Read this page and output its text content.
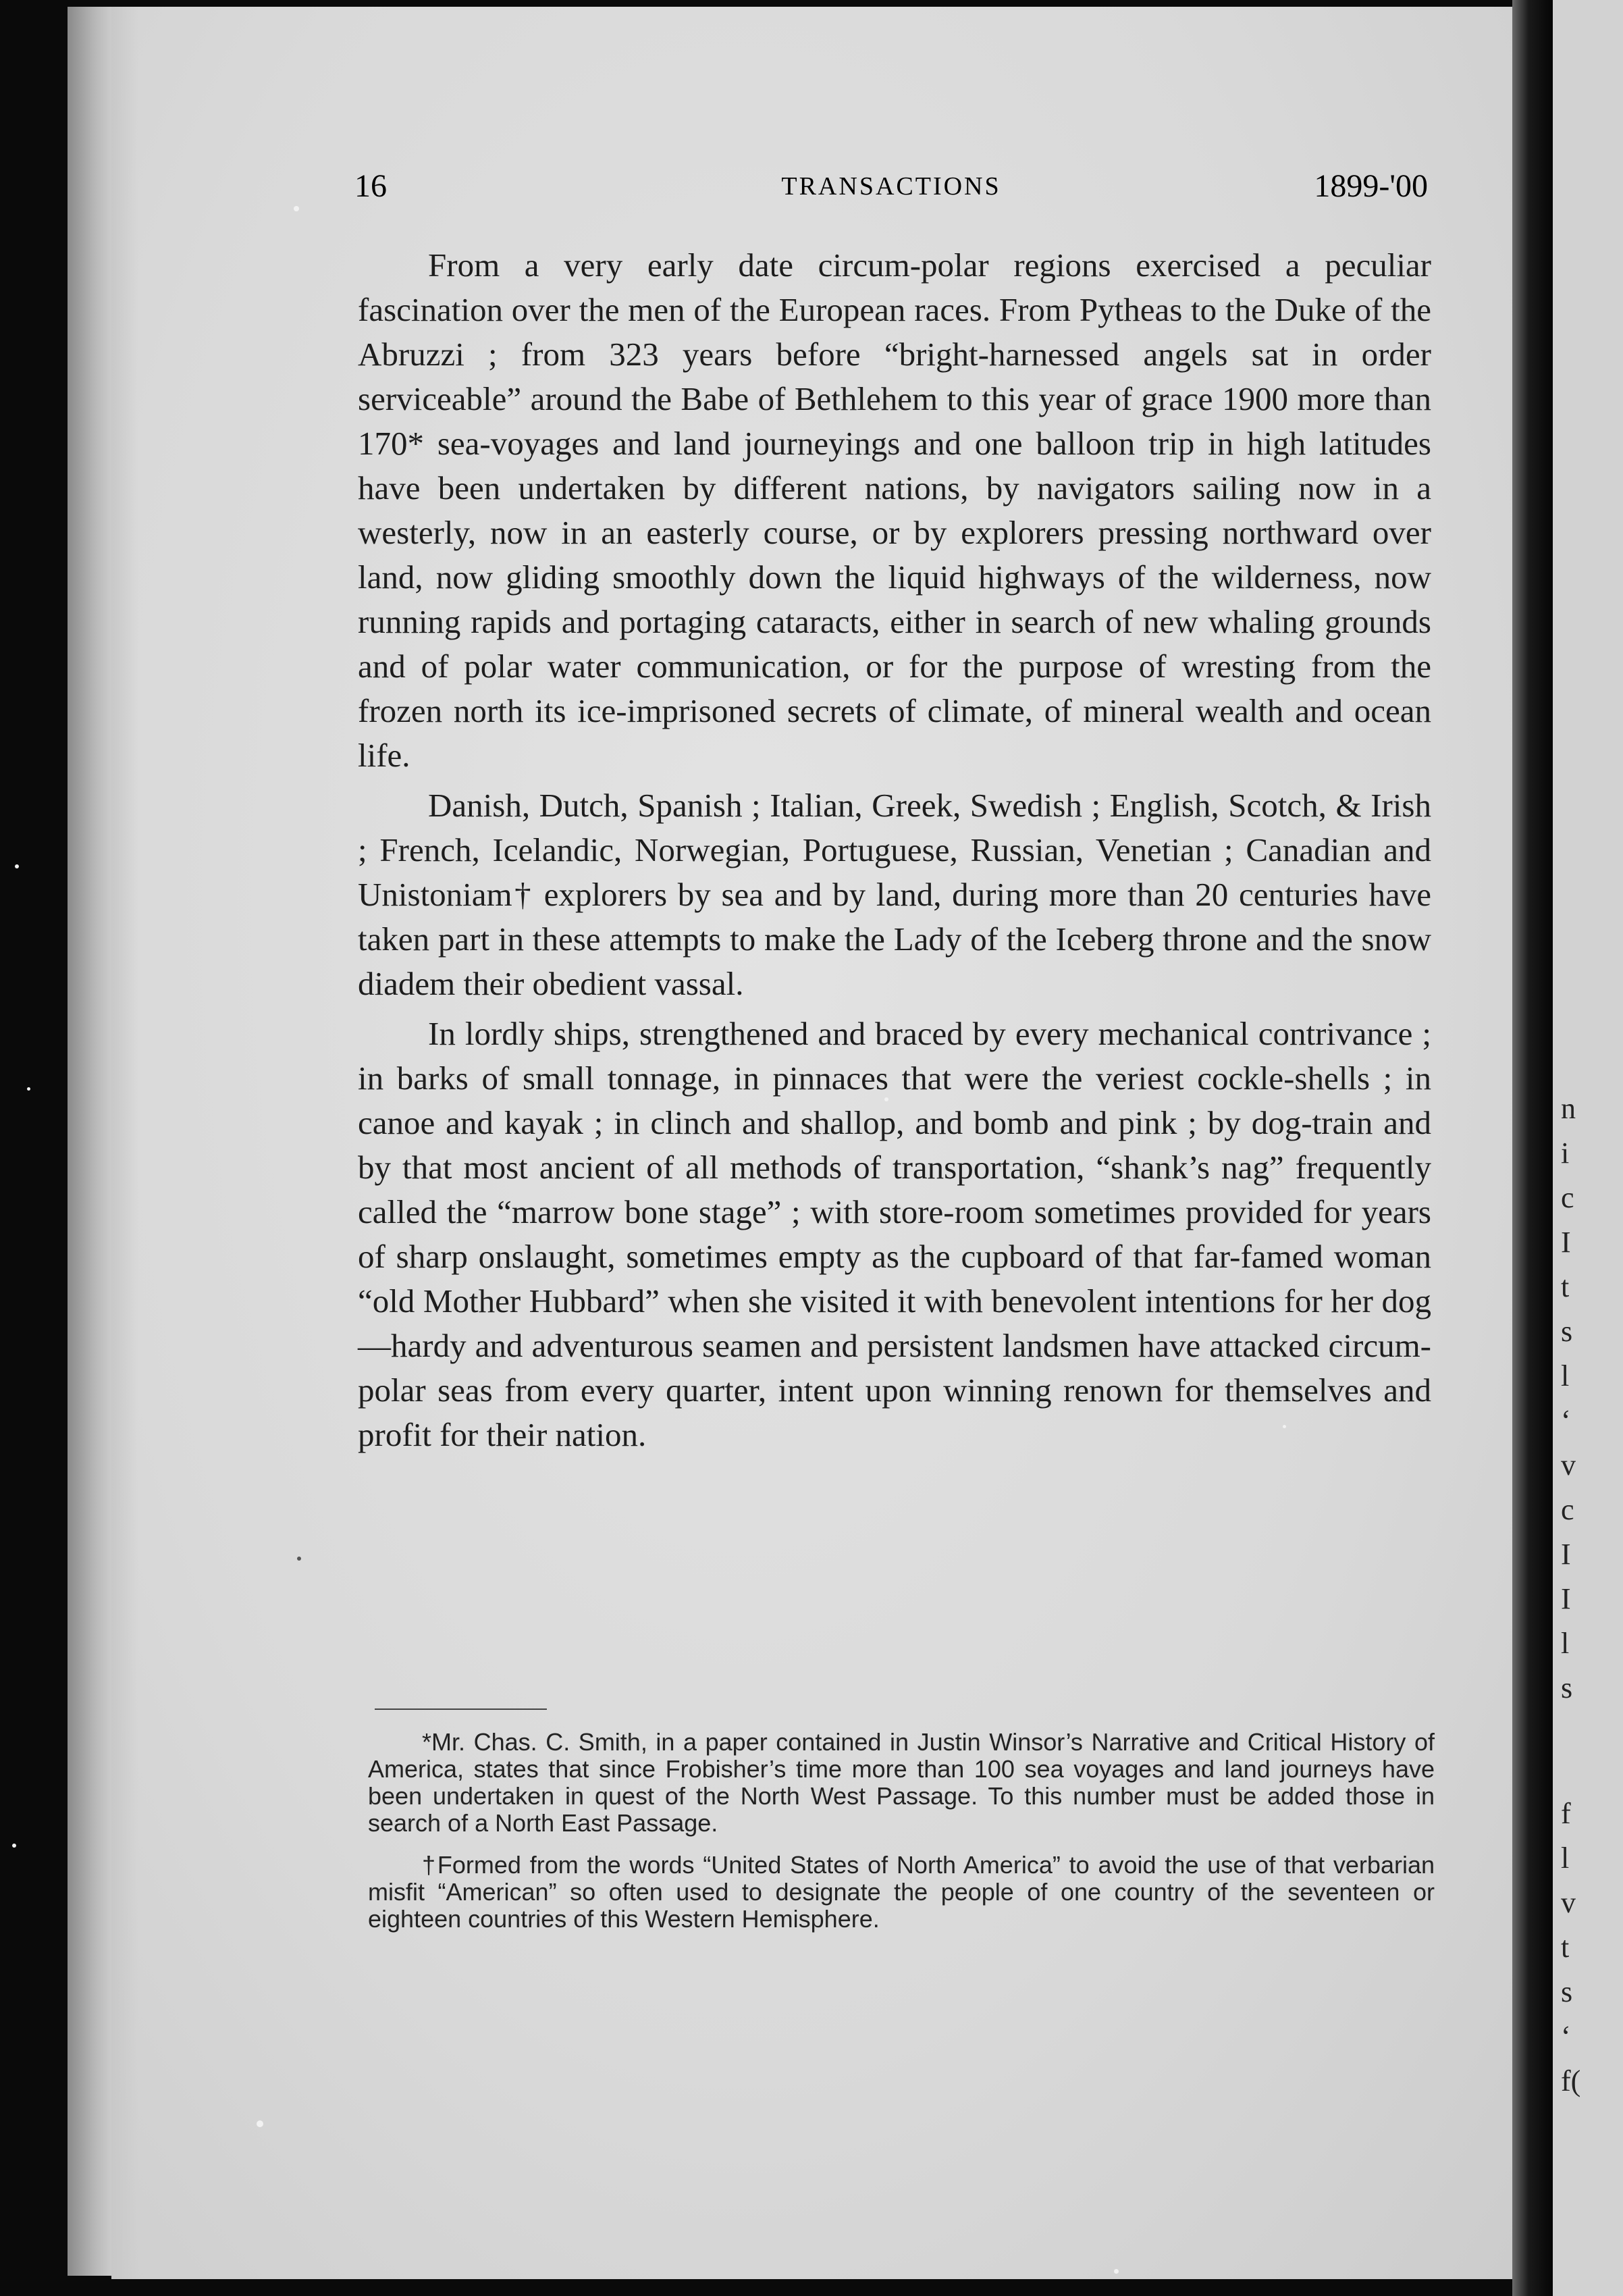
n
i
c
I
t
s
l
‘
v
c
I
I
l
s
f
l
v
t
s
‘
f(
16	TRANSACTIONS	1899-'00

From a very early date circum-polar regions exercised a peculiar fascination over the men of the European races. From Pytheas to the Duke of the Abruzzi ; from 323 years before “bright-harnessed angels sat in order serviceable” around the Babe of Bethlehem to this year of grace 1900 more than 170* sea-voyages and land journeyings and one balloon trip in high latitudes have been undertaken by different nations, by navigators sailing now in a westerly, now in an easterly course, or by explorers pressing northward over land, now gliding smoothly down the liquid highways of the wilderness, now running rapids and portaging cataracts, either in search of new whaling grounds and of polar water communication, or for the purpose of wresting from the frozen north its ice-imprisoned secrets of climate, of mineral wealth and ocean life.

Danish, Dutch, Spanish ; Italian, Greek, Swedish ; English, Scotch, & Irish ; French, Icelandic, Norwegian, Portuguese, Russian, Venetian ; Canadian and Unistoniam† explorers by sea and by land, during more than 20 centuries have taken part in these attempts to make the Lady of the Iceberg throne and the snow diadem their obedient vassal.

In lordly ships, strengthened and braced by every mechanical contrivance ; in barks of small tonnage, in pinnaces that were the veriest cockle-shells ; in canoe and kayak ; in clinch and shallop, and bomb and pink ; by dog-train and by that most ancient of all methods of transportation, “shank’s nag” frequently called the “marrow bone stage” ; with store-room sometimes provided for years of sharp onslaught, sometimes empty as the cupboard of that far-famed woman “old Mother Hubbard” when she visited it with benevolent intentions for her dog—hardy and adventurous seamen and persistent landsmen have attacked circum-polar seas from every quarter, intent upon winning renown for themselves and profit for their nation.

*Mr. Chas. C. Smith, in a paper contained in Justin Winsor’s Narrative and Critical History of America, states that since Frobisher’s time more than 100 sea voyages and land journeys have been undertaken in quest of the North West Passage. To this number must be added those in search of a North East Passage.

†Formed from the words “United States of North America” to avoid the use of that verbarian misfit “American” so often used to designate the people of one country of the seventeen or eighteen countries of this Western Hemisphere.
